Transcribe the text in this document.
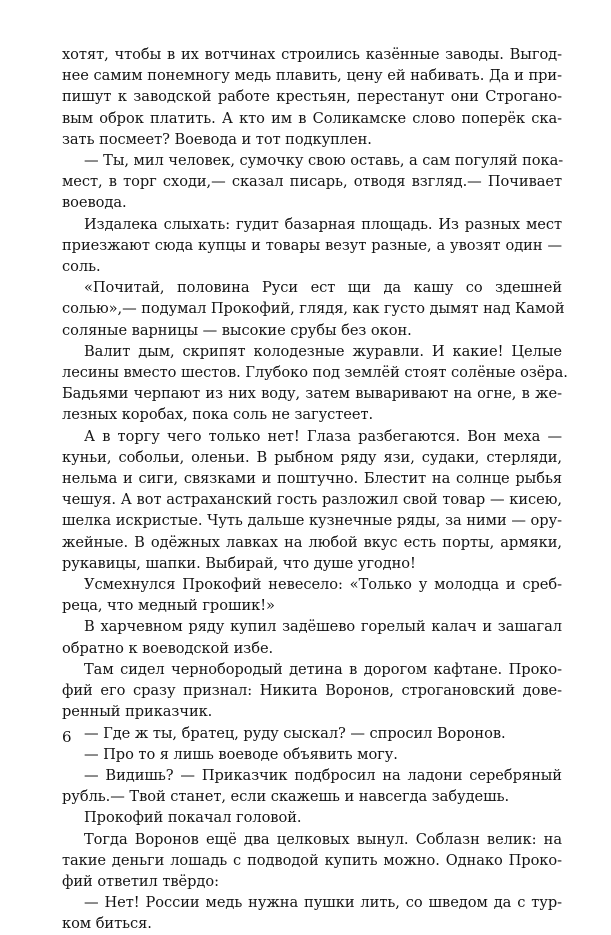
хотят, чтобы в их вотчинах строились казённые заводы. Выгод-
нее самим понемногу медь плавить, цену ей набивать. Да и при-
пишут к заводской работе крестьян, перестанут они Строгано-
вым оброк платить. А кто им в Соликамске слово поперёк ска-
зать посмеет? Воевода и тот подкуплен.

— Ты, мил человек, сумочку свою оставь, а сам погуляй пока-
мест, в торг сходи,— сказал писарь, отводя взгляд.— Почивает
воевода.

Издалека слыхать: гудит базарная площадь. Из разных мест
приезжают сюда купцы и товары везут разные, а увозят один —
соль.

«Почитай, половина Руси ест щи да кашу со здешней
солью»,— подумал Прокофий, глядя, как густо дымят над Камой
соляные варницы — высокие срубы без окон.

Валит дым, скрипят колодезные журавли. И какие! Целые
лесины вместо шестов. Глубоко под землёй стоят солёные озёра.
Бадьями черпают из них воду, затем вываривают на огне, в же-
лезных коробах, пока соль не загустеет.

А в торгу чего только нет! Глаза разбегаются. Вон меха —
куньи, собольи, оленьи. В рыбном ряду язи, судаки, стерляди,
нельма и сиги, связками и поштучно. Блестит на солнце рыбья
чешуя. А вот астраханский гость разложил свой товар — кисею,
шелка искристые. Чуть дальше кузнечные ряды, за ними — ору-
жейные. В одёжных лавках на любой вкус есть порты, армяки,
рукавицы, шапки. Выбирай, что душе угодно!

Усмехнулся Прокофий невесело: «Только у молодца и среб-
реца, что медный грошик!»

В харчевном ряду купил задёшево горелый калач и зашагал
обратно к воеводской избе.

Там сидел чернобородый детина в дорогом кафтане. Проко-
фий его сразу признал: Никита Воронов, строгановский дове-
ренный приказчик.

— Где ж ты, братец, руду сыскал? — спросил Воронов.

— Про то я лишь воеводе объявить могу.

— Видишь? — Приказчик подбросил на ладони серебряный
рубль.— Твой станет, если скажешь и навсегда забудешь.

Прокофий покачал головой.

Тогда Воронов ещё два целковых вынул. Соблазн велик: на
такие деньги лошадь с подводой купить можно. Однако Проко-
фий ответил твёрдо:

— Нет! России медь нужна пушки лить, со шведом да с тур-
ком биться.

6
